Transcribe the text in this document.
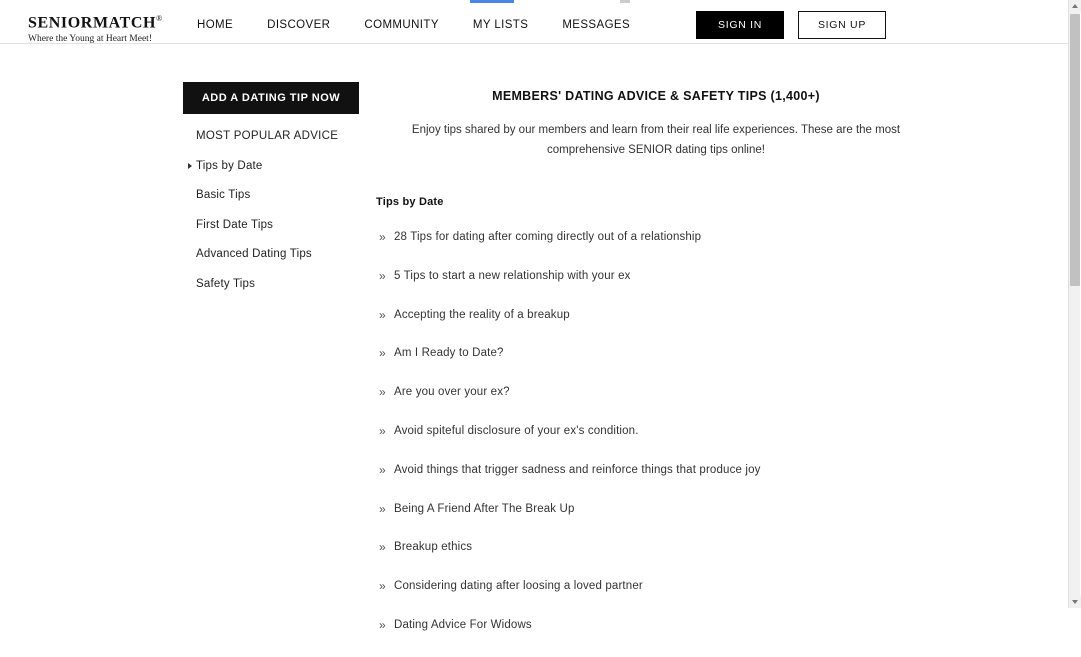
SENIORMATCH®
Where the Young at Heart Meet!
HOME	DISCOVER	COMMUNITY	MY LISTS	MESSAGES	SIGN IN	SIGN UP
ADD A DATING TIP NOW
MOST POPULAR ADVICE
Tips by Date
Basic Tips
First Date Tips
Advanced Dating Tips
Safety Tips
MEMBERS' DATING ADVICE & SAFETY TIPS (1,400+)
Enjoy tips shared by our members and learn from their real life experiences. These are the most comprehensive SENIOR dating tips online!
Tips by Date
» 28 Tips for dating after coming directly out of a relationship
» 5 Tips to start a new relationship with your ex
» Accepting the reality of a breakup
» Am I Ready to Date?
» Are you over your ex?
» Avoid spiteful disclosure of your ex's condition.
» Avoid things that trigger sadness and reinforce things that produce joy
» Being A Friend After The Break Up
» Breakup ethics
» Considering dating after loosing a loved partner
» Dating Advice For Widows
